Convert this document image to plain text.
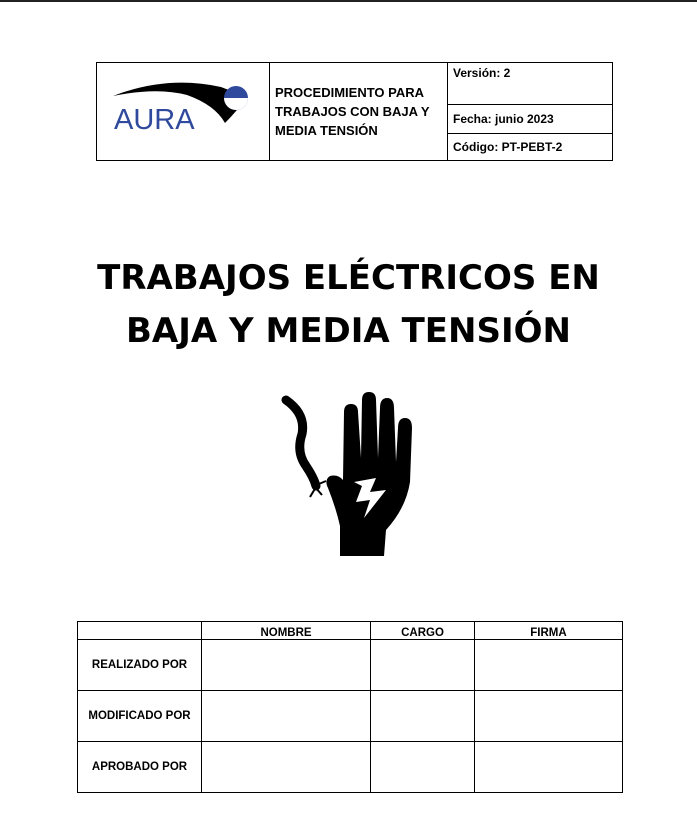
AURA

PROCEDIMIENTO PARA
TRABAJOS CON BAJA Y
MEDIA TENSIÓN
	Versión: 2
Fecha: junio 2023
Código: PT-PEBT-2
TRABAJOS ELÉCTRICOS EN
BAJA Y MEDIA TENSIÓN
	NOMBRE	CARGO	FIRMA
REALIZADO POR			
MODIFICADO POR			
APROBADO POR			
